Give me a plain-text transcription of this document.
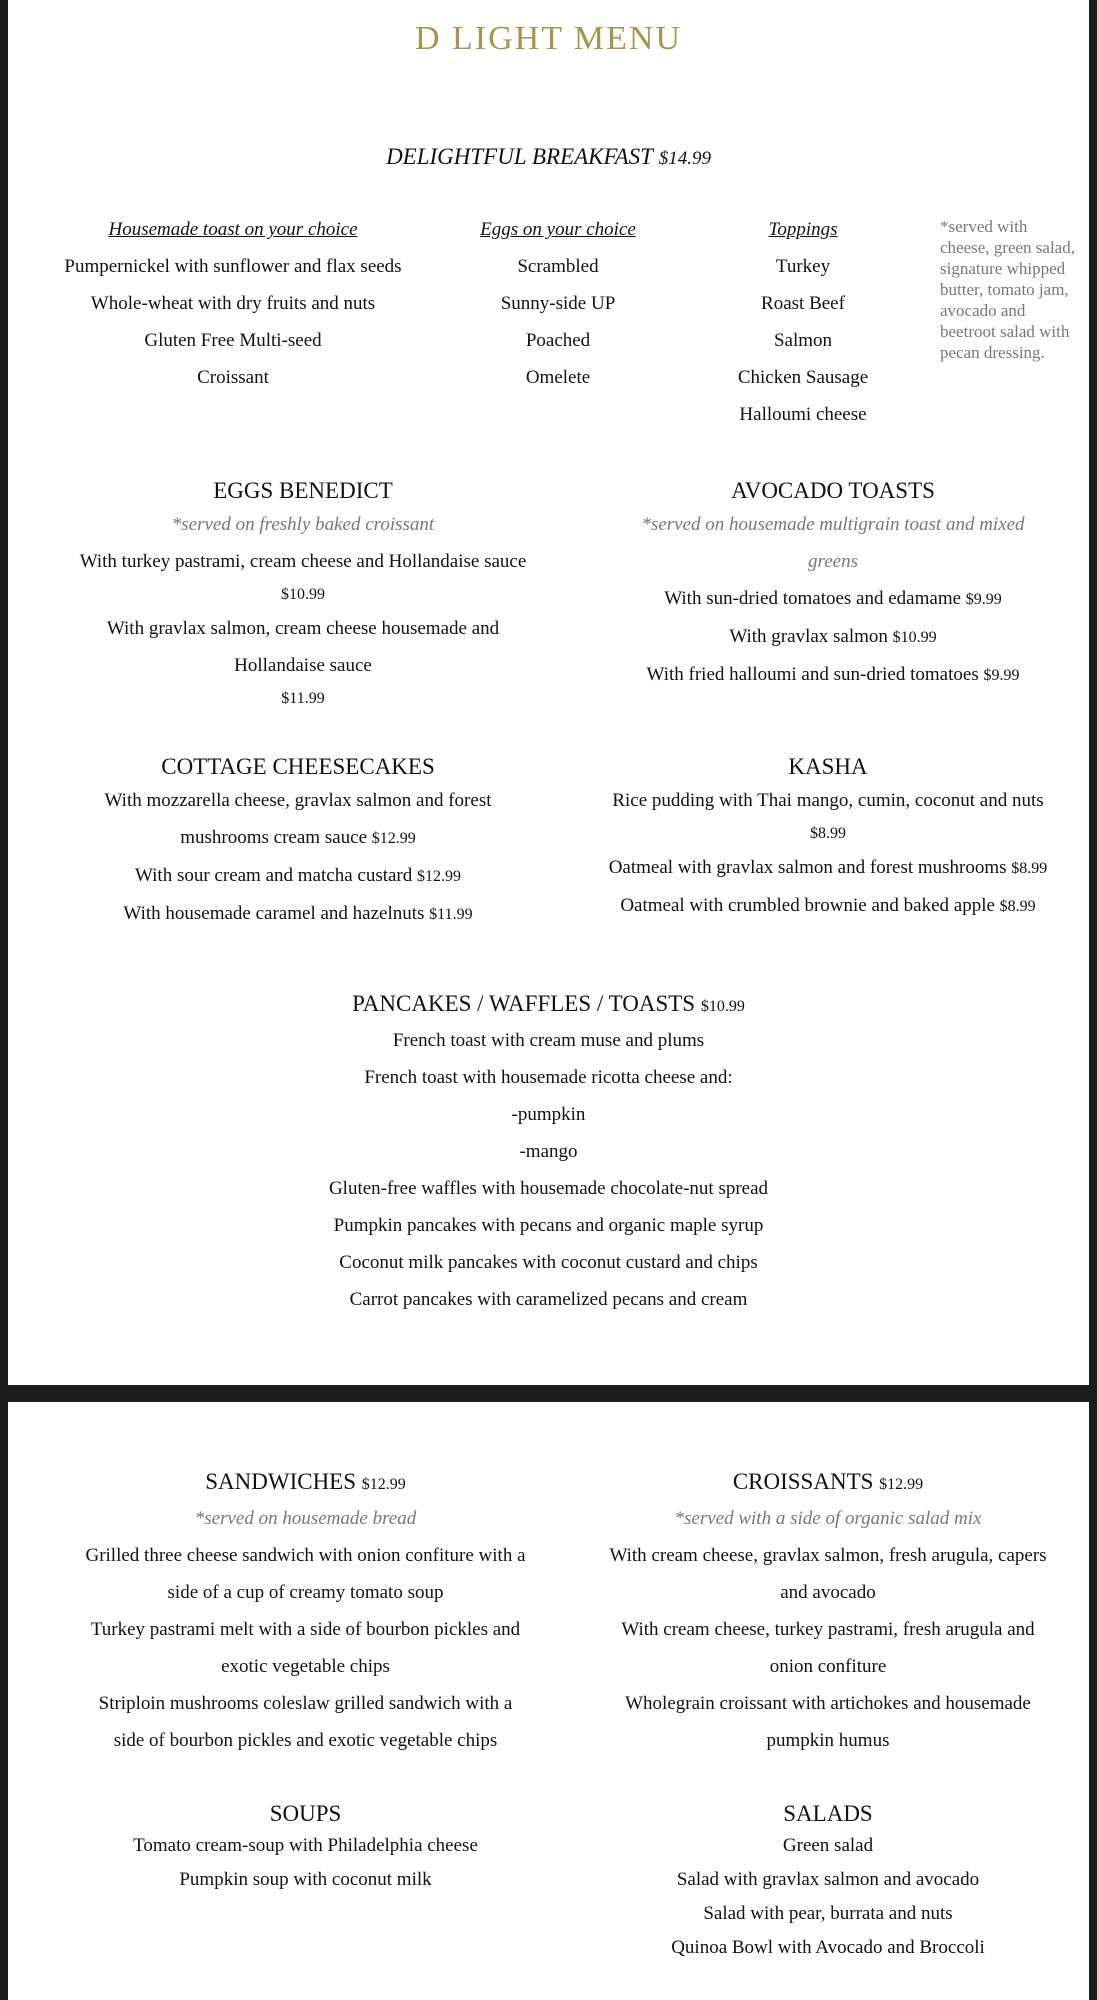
D LIGHT MENU
DELIGHTFUL BREAKFAST $14.99
Housemade toast on your choice
Pumpernickel with sunflower and flax seeds
Whole-wheat with dry fruits and nuts
Gluten Free Multi-seed
Croissant
Eggs on your choice
Scrambled
Sunny-side UP
Poached
Omelete
Toppings
Turkey
Roast Beef
Salmon
Chicken Sausage
Halloumi cheese
*served with cheese, green salad, signature whipped butter, tomato jam, avocado and beetroot salad with pecan dressing.
EGGS BENEDICT
*served on freshly baked croissant
With turkey pastrami, cream cheese and Hollandaise sauce
$10.99
With gravlax salmon, cream cheese housemade and
Hollandaise sauce
$11.99
AVOCADO TOASTS
*served on housemade multigrain toast and mixed
greens
With sun-dried tomatoes and edamame $9.99
With gravlax salmon $10.99
With fried halloumi and sun-dried tomatoes $9.99
COTTAGE CHEESECAKES
With mozzarella cheese, gravlax salmon and forest
mushrooms cream sauce $12.99
With sour cream and matcha custard $12.99
With housemade caramel and hazelnuts $11.99
KASHA
Rice pudding with Thai mango, cumin, coconut and nuts
$8.99
Oatmeal with gravlax salmon and forest mushrooms $8.99
Oatmeal with crumbled brownie and baked apple $8.99
PANCAKES / WAFFLES / TOASTS $10.99
French toast with cream muse and plums
French toast with housemade ricotta cheese and:
-pumpkin
-mango
Gluten-free waffles with housemade chocolate-nut spread
Pumpkin pancakes with pecans and organic maple syrup
Coconut milk pancakes with coconut custard and chips
Carrot pancakes with caramelized pecans and cream
SANDWICHES $12.99
*served on housemade bread
Grilled three cheese sandwich with onion confiture with a
side of a cup of creamy tomato soup
Turkey pastrami melt with a side of bourbon pickles and
exotic vegetable chips
Striploin mushrooms coleslaw grilled sandwich with a
side of bourbon pickles and exotic vegetable chips
CROISSANTS $12.99
*served with a side of organic salad mix
With cream cheese, gravlax salmon, fresh arugula, capers
and avocado
With cream cheese, turkey pastrami, fresh arugula and
onion confiture
Wholegrain croissant with artichokes and housemade
pumpkin humus
SOUPS
Tomato cream-soup with Philadelphia cheese
Pumpkin soup with coconut milk
SALADS
Green salad
Salad with gravlax salmon and avocado
Salad with pear, burrata and nuts
Quinoa Bowl with Avocado and Broccoli
